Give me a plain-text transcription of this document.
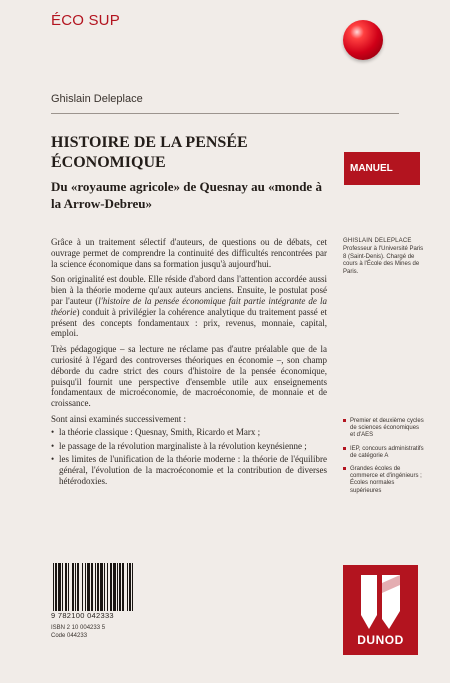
ÉCO SUP
Ghislain Deleplace
HISTOIRE DE LA PENSÉE ÉCONOMIQUE
Du «royaume agricole» de Quesnay au «monde à la Arrow-Debreu»
MANUEL

Grâce à un traitement sélectif d'auteurs, de questions ou de débats, cet ouvrage permet de comprendre la continuité des difficultés rencontrées par la science économique dans sa formation jusqu'à aujourd'hui.

Son originalité est double. Elle réside d'abord dans l'attention accordée aussi bien à la théorie moderne qu'aux auteurs anciens. Ensuite, le postulat posé par l'auteur (l'histoire de la pensée économique fait partie intégrante de la théorie) conduit à privilégier la cohérence analytique du traitement passé et présent des concepts fondamentaux : prix, revenus, monnaie, capital, emploi.

Très pédagogique – sa lecture ne réclame pas d'autre préalable que de la curiosité à l'égard des controverses théoriques en économie –, son champ déborde du cadre strict des cours d'histoire de la pensée économique, puisqu'il fournit une perspective d'ensemble utile aux enseignements fondamentaux de microéconomie, de macroéconomie, de monnaie et de croissance.

Sont ainsi examinés successivement :

• la théorie classique : Quesnay, Smith, Ricardo et Marx ;
• le passage de la révolution marginaliste à la révolution keynésienne ;
• les limites de l'unification de la théorie moderne : la théorie de l'équilibre général, l'évolution de la macroéconomie et la contribution de diverses hétérodoxies.
GHISLAIN DELEPLACE
Professeur à l'Université Paris 8 (Saint-Denis). Chargé de cours à l'École des Mines de Paris.
Premier et deuxième cycles de sciences économiques et d'AES
IEP, concours administratifs de catégorie A
Grandes écoles de commerce et d'ingénieurs ; Écoles normales supérieures
9 782100 042333
ISBN 2 10 004233 5
Code 044233	DUNOD
